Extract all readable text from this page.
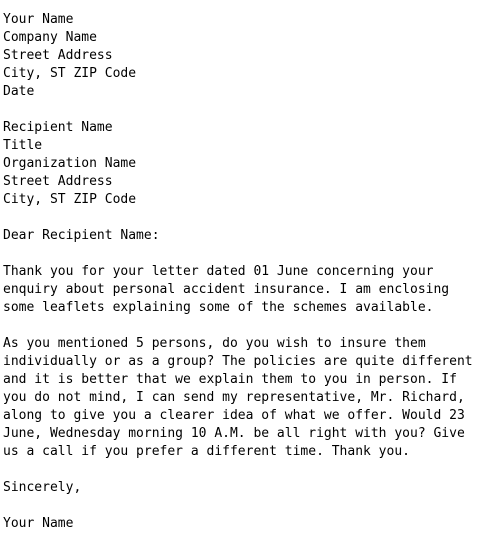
Your Name
Company Name
Street Address
City, ST ZIP Code
Date
Recipient Name
Title
Organization Name
Street Address
City, ST ZIP Code
Dear Recipient Name:
Thank you for your letter dated 01 June concerning your
enquiry about personal accident insurance. I am enclosing
some leaflets explaining some of the schemes available.
As you mentioned 5 persons, do you wish to insure them
individually or as a group? The policies are quite different
and it is better that we explain them to you in person. If
you do not mind, I can send my representative, Mr. Richard,
along to give you a clearer idea of what we offer. Would 23
June, Wednesday morning 10 A.M. be all right with you? Give
us a call if you prefer a different time. Thank you.
Sincerely,
Your Name
